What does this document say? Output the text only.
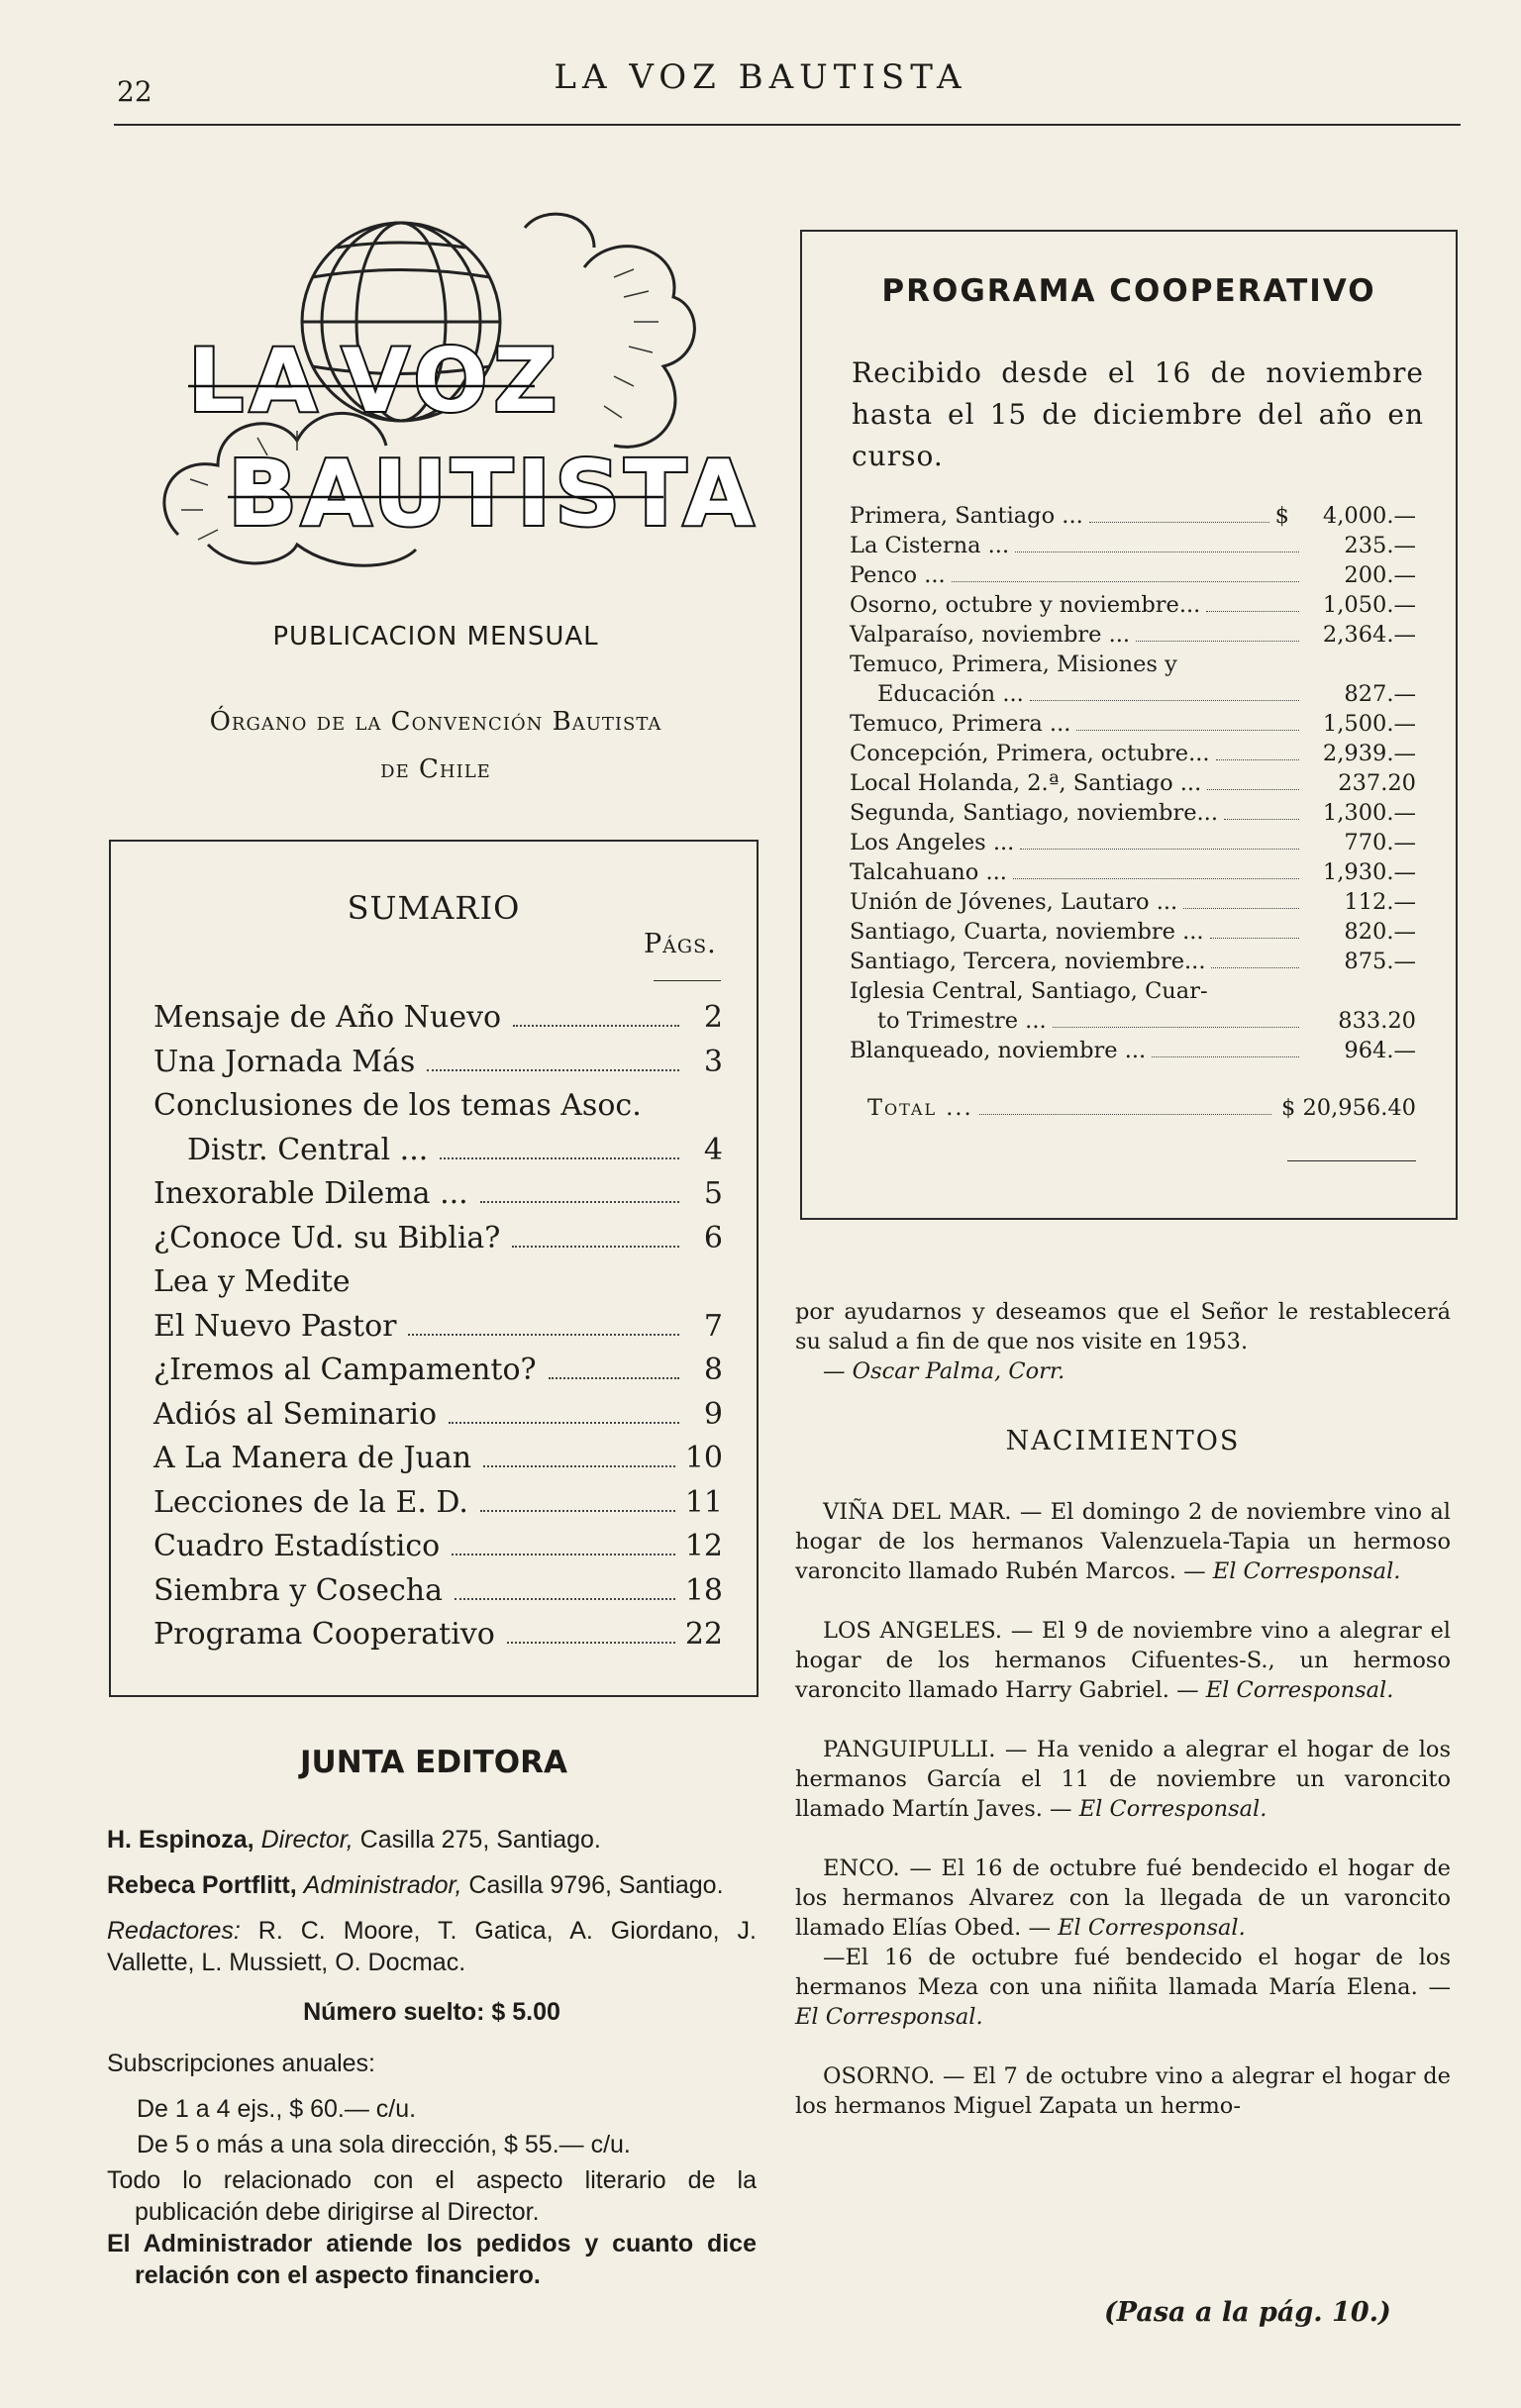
22	LA VOZ BAUTISTA
LA VOZ
BAUTISTA
PUBLICACION MENSUAL
Órgano de la Convención Bautista
de Chile
SUMARIO
Págs.
Mensaje de Año Nuevo	2
Una Jornada Más	3
Conclusiones de los temas Asoc.
Distr. Central ...	4
Inexorable Dilema ...	5
¿Conoce Ud. su Biblia?	6
Lea y Medite
El Nuevo Pastor	7
¿Iremos al Campamento?	8
Adiós al Seminario	9
A La Manera de Juan	10
Lecciones de la E. D.	11
Cuadro Estadístico	12
Siembra y Cosecha	18
Programa Cooperativo	22
JUNTA EDITORA

H. Espinoza, Director, Casilla 275, Santiago.

Rebeca Portflitt, Administrador, Casilla 9796, Santiago.

Redactores: R. C. Moore, T. Gatica, A. Giordano, J. Vallette, L. Mussiett, O. Docmac.

Número suelto: $ 5.00

Subscripciones anuales:

De 1 a 4 ejs., $ 60.— c/u.

De 5 o más a una sola dirección, $ 55.— c/u.

Todo lo relacionado con el aspecto literario de la publicación debe dirigirse al Director.

El Administrador atiende los pedidos y cuanto dice relación con el aspecto financiero.

PROGRAMA COOPERATIVO
Recibido desde el 16 de noviembre hasta el 15 de diciembre del año en curso.
Primera, Santiago ...	$	4,000.—
La Cisterna ...	235.—
Penco ...	200.—
Osorno, octubre y noviembre...	1,050.—
Valparaíso, noviembre ...	2,364.—
Temuco, Primera, Misiones y
Educación ...	827.—
Temuco, Primera ...	1,500.—
Concepción, Primera, octubre...	2,939.—
Local Holanda, 2.ª, Santiago ...	237.20
Segunda, Santiago, noviembre...	1,300.—
Los Angeles ...	770.—
Talcahuano ...	1,930.—
Unión de Jóvenes, Lautaro ...	112.—
Santiago, Cuarta, noviembre ...	820.—
Santiago, Tercera, noviembre...	875.—
Iglesia Central, Santiago, Cuar-
to Trimestre ...	833.20
Blanqueado, noviembre ...	964.—
Total ...	$ 20,956.40

por ayudarnos y deseamos que el Señor le restablecerá su salud a fin de que nos visite en 1953.

— Oscar Palma, Corr.

NACIMIENTOS

VIÑA DEL MAR. — El domingo 2 de noviembre vino al hogar de los hermanos Valenzuela-Tapia un hermoso varoncito llamado Rubén Marcos. — El Corresponsal.

LOS ANGELES. — El 9 de noviembre vino a alegrar el hogar de los hermanos Cifuentes-S., un hermoso varoncito llamado Harry Gabriel. — El Corresponsal.

PANGUIPULLI. — Ha venido a alegrar el hogar de los hermanos García el 11 de noviembre un varoncito llamado Martín Javes. — El Corresponsal.

ENCO. — El 16 de octubre fué bendecido el hogar de los hermanos Alvarez con la llegada de un varoncito llamado Elías Obed. — El Corresponsal.

—El 16 de octubre fué bendecido el hogar de los hermanos Meza con una niñita llamada María Elena. — El Corresponsal.

OSORNO. — El 7 de octubre vino a alegrar el hogar de los hermanos Miguel Zapata un hermo-

(Pasa a la pág. 10.)
